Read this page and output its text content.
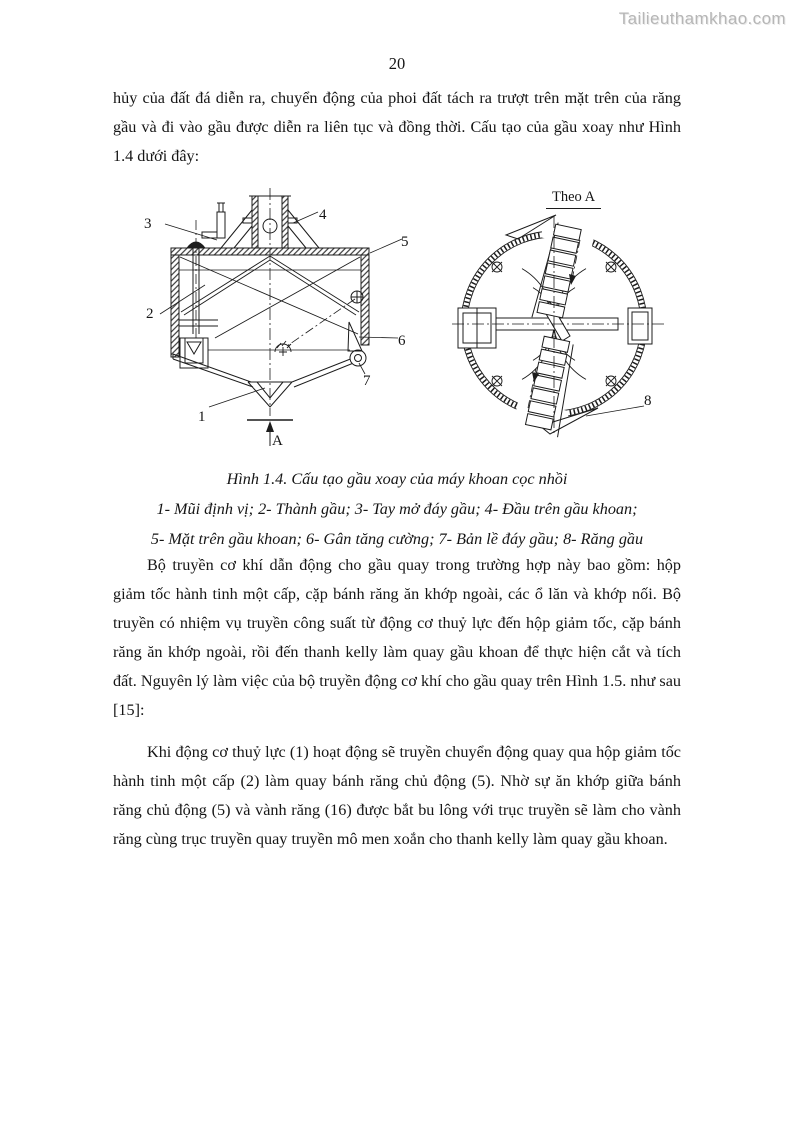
Tailieuthamkhao.com
20
hủy của đất đá diễn ra, chuyển động của phoi đất tách ra trượt trên mặt trên của răng gầu và đi vào gầu được diễn ra liên tục và đồng thời. Cấu tạo của gầu xoay như Hình 1.4 dưới đây:
Theo A
1
2
3
4
5
6
7
8
A
Hình 1.4. Cấu tạo gầu xoay của máy khoan cọc nhồi
1- Mũi định vị; 2- Thành gầu; 3- Tay mở đáy gầu; 4- Đầu trên gầu khoan;
5- Mặt trên gầu khoan; 6- Gân tăng cường; 7- Bản lề đáy gầu; 8- Răng gầu
Bộ truyền cơ khí dẫn động cho gầu quay trong trường hợp này bao gồm: hộp giảm tốc hành tinh một cấp, cặp bánh răng ăn khớp ngoài, các ổ lăn và khớp nối. Bộ truyền có nhiệm vụ truyền công suất từ động cơ thuỷ lực đến hộp giảm tốc, cặp bánh răng ăn khớp ngoài, rồi đến thanh kelly làm quay gầu khoan để thực hiện cắt và tích đất. Nguyên lý làm việc của bộ truyền động cơ khí cho gầu quay trên Hình 1.5. như sau [15]:
Khi động cơ thuỷ lực (1) hoạt động sẽ truyền chuyển động quay qua hộp giảm tốc hành tinh một cấp (2) làm quay bánh răng chủ động (5). Nhờ sự ăn khớp giữa bánh răng chủ động (5) và vành răng (16) được bắt bu lông với trục truyền sẽ làm cho vành răng cùng trục truyền quay truyền mô men xoắn cho thanh kelly làm quay gầu khoan.
